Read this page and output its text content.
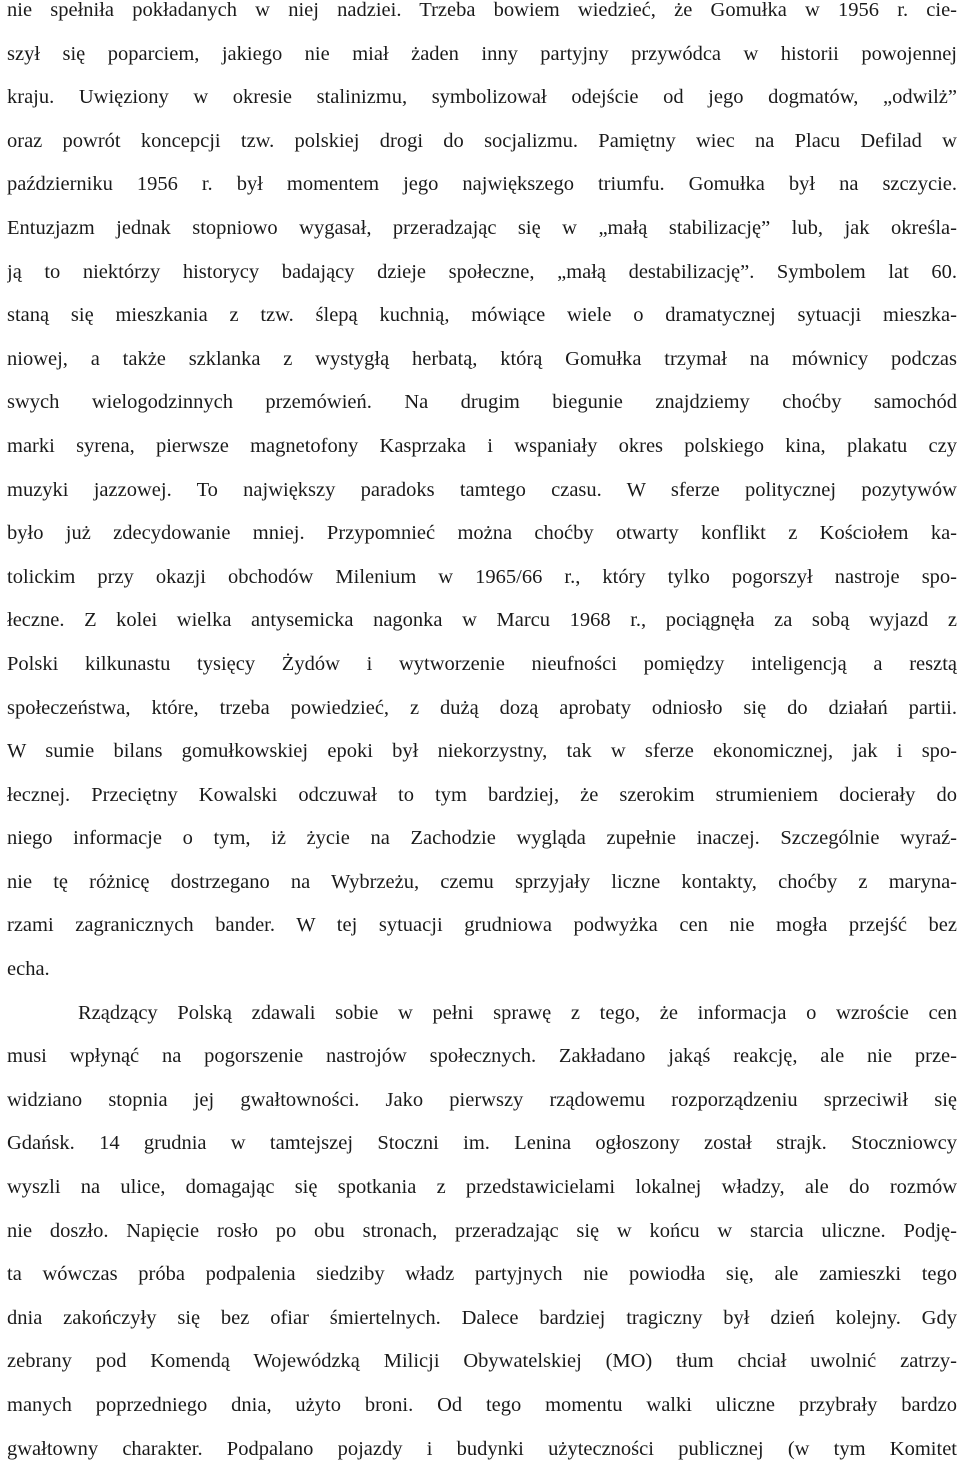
nie spełniła pokładanych w niej nadziei. Trzeba bowiem wiedzieć, że Gomułka w 1956 r. cie-
szył się poparciem, jakiego nie miał żaden inny partyjny przywódca w historii powojennej
kraju. Uwięziony w okresie stalinizmu, symbolizował odejście od jego dogmatów, „odwilż”
oraz powrót koncepcji tzw. polskiej drogi do socjalizmu. Pamiętny wiec na Placu Defilad w
październiku 1956 r. był momentem jego największego triumfu. Gomułka był na szczycie.
Entuzjazm jednak stopniowo wygasał, przeradzając się w „małą stabilizację” lub, jak określa-
ją to niektórzy historycy badający dzieje społeczne, „małą destabilizację”. Symbolem lat 60.
staną się mieszkania z tzw. ślepą kuchnią, mówiące wiele o dramatycznej sytuacji mieszka-
niowej, a także szklanka z wystygłą herbatą, którą Gomułka trzymał na mównicy podczas
swych wielogodzinnych przemówień. Na drugim biegunie znajdziemy choćby samochód
marki syrena, pierwsze magnetofony Kasprzaka i wspaniały okres polskiego kina, plakatu czy
muzyki jazzowej. To największy paradoks tamtego czasu. W sferze politycznej pozytywów
było już zdecydowanie mniej. Przypomnieć można choćby otwarty konflikt z Kościołem ka-
tolickim przy okazji obchodów Milenium w 1965/66 r., który tylko pogorszył nastroje spo-
łeczne. Z kolei wielka antysemicka nagonka w Marcu 1968 r., pociągnęła za sobą wyjazd z
Polski kilkunastu tysięcy Żydów i wytworzenie nieufności pomiędzy inteligencją a resztą
społeczeństwa, które, trzeba powiedzieć, z dużą dozą aprobaty odniosło się do działań partii.
W sumie bilans gomułkowskiej epoki był niekorzystny, tak w sferze ekonomicznej, jak i spo-
łecznej. Przeciętny Kowalski odczuwał to tym bardziej, że szerokim strumieniem docierały do
niego informacje o tym, iż życie na Zachodzie wygląda zupełnie inaczej. Szczególnie wyraź-
nie tę różnicę dostrzegano na Wybrzeżu, czemu sprzyjały liczne kontakty, choćby z maryna-
rzami zagranicznych bander. W tej sytuacji grudniowa podwyżka cen nie mogła przejść bez
echa.
Rządzący Polską zdawali sobie w pełni sprawę z tego, że informacja o wzroście cen
musi wpłynąć na pogorszenie nastrojów społecznych. Zakładano jakąś reakcję, ale nie prze-
widziano stopnia jej gwałtowności. Jako pierwszy rządowemu rozporządzeniu sprzeciwił się
Gdańsk. 14 grudnia w tamtejszej Stoczni im. Lenina ogłoszony został strajk. Stoczniowcy
wyszli na ulice, domagając się spotkania z przedstawicielami lokalnej władzy, ale do rozmów
nie doszło. Napięcie rosło po obu stronach, przeradzając się w końcu w starcia uliczne. Podję-
ta wówczas próba podpalenia siedziby władz partyjnych nie powiodła się, ale zamieszki tego
dnia zakończyły się bez ofiar śmiertelnych. Dalece bardziej tragiczny był dzień kolejny. Gdy
zebrany pod Komendą Wojewódzką Milicji Obywatelskiej (MO) tłum chciał uwolnić zatrzy-
manych poprzedniego dnia, użyto broni. Od tego momentu walki uliczne przybrały bardzo
gwałtowny charakter. Podpalano pojazdy i budynki użyteczności publicznej (w tym Komitet
